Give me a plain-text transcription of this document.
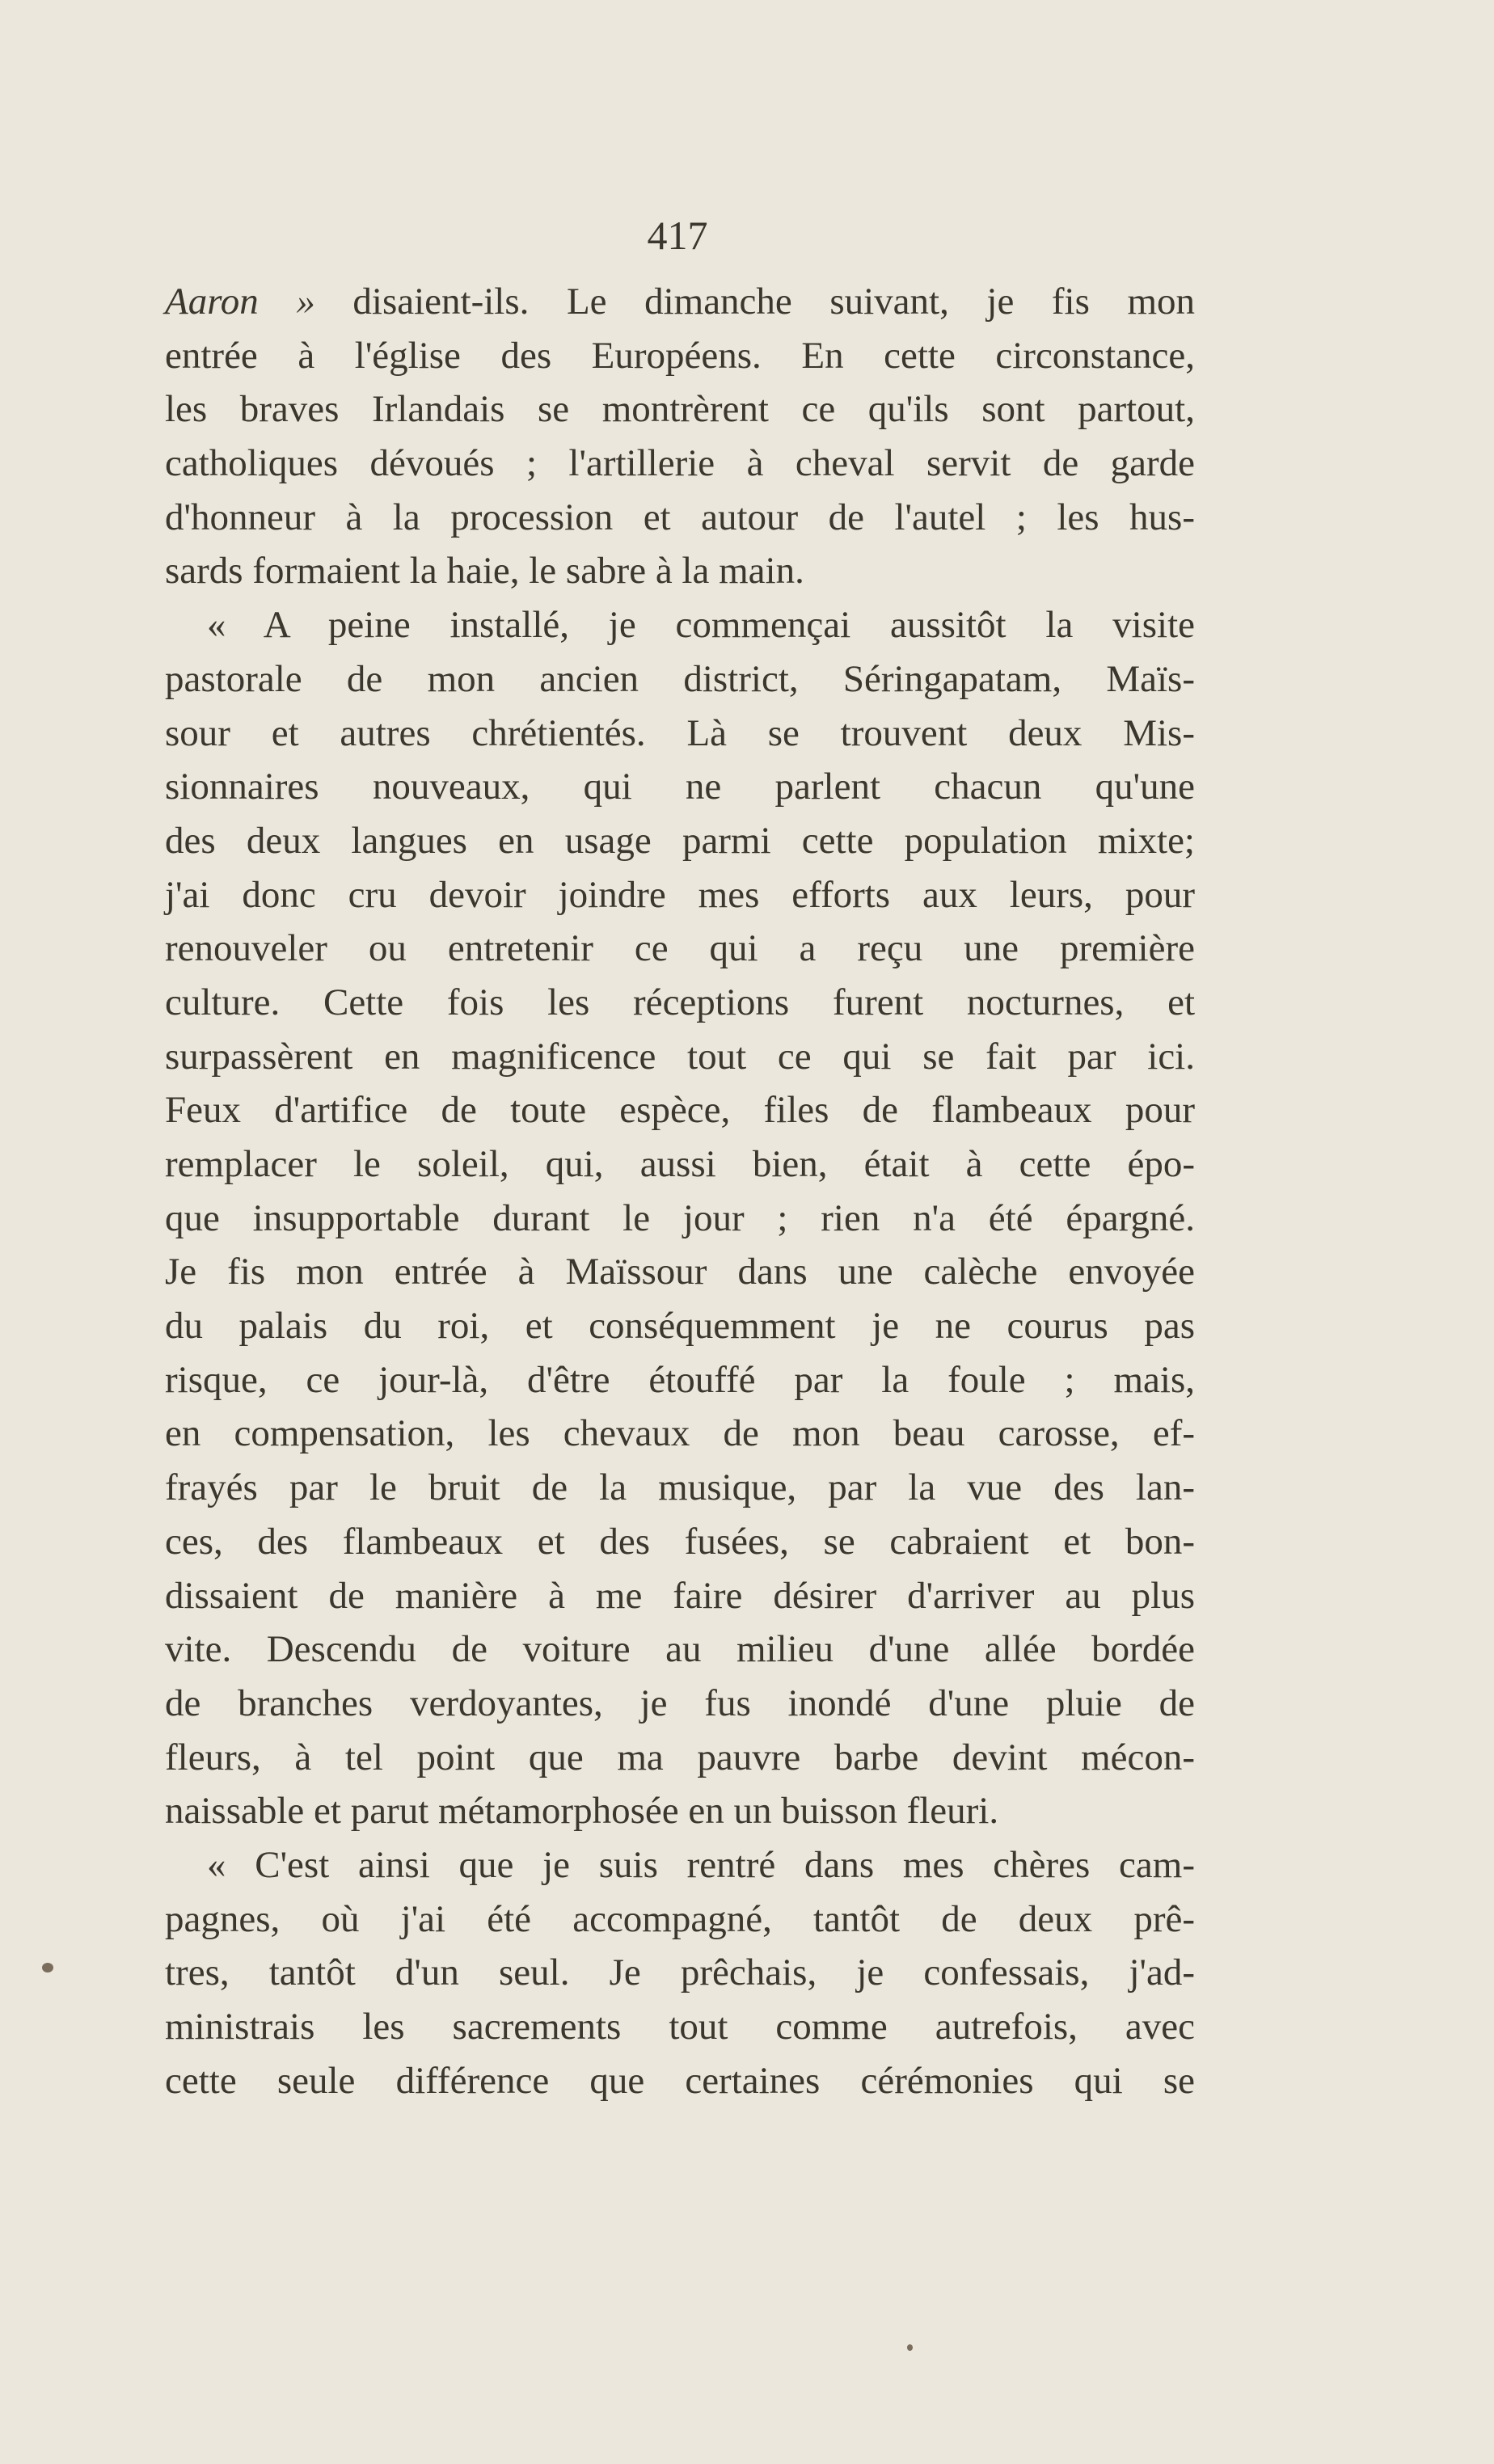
417
Aaron » disaient-ils. Le dimanche suivant, je fis mon
entrée à l'église des Européens. En cette circonstance,
les braves Irlandais se montrèrent ce qu'ils sont partout,
catholiques dévoués ; l'artillerie à cheval servit de garde
d'honneur à la procession et autour de l'autel ; les hus-
sards formaient la haie, le sabre à la main.
« A peine installé, je commençai aussitôt la visite
pastorale de mon ancien district, Séringapatam, Maïs-
sour et autres chrétientés. Là se trouvent deux Mis-
sionnaires nouveaux, qui ne parlent chacun qu'une
des deux langues en usage parmi cette population mixte;
j'ai donc cru devoir joindre mes efforts aux leurs, pour
renouveler ou entretenir ce qui a reçu une première
culture. Cette fois les réceptions furent nocturnes, et
surpassèrent en magnificence tout ce qui se fait par ici.
Feux d'artifice de toute espèce, files de flambeaux pour
remplacer le soleil, qui, aussi bien, était à cette épo-
que insupportable durant le jour ; rien n'a été épargné.
Je fis mon entrée à Maïssour dans une calèche envoyée
du palais du roi, et conséquemment je ne courus pas
risque, ce jour-là, d'être étouffé par la foule ; mais,
en compensation, les chevaux de mon beau carosse, ef-
frayés par le bruit de la musique, par la vue des lan-
ces, des flambeaux et des fusées, se cabraient et bon-
dissaient de manière à me faire désirer d'arriver au plus
vite. Descendu de voiture au milieu d'une allée bordée
de branches verdoyantes, je fus inondé d'une pluie de
fleurs, à tel point que ma pauvre barbe devint mécon-
naissable et parut métamorphosée en un buisson fleuri.
« C'est ainsi que je suis rentré dans mes chères cam-
pagnes, où j'ai été accompagné, tantôt de deux prê-
tres, tantôt d'un seul. Je prêchais, je confessais, j'ad-
ministrais les sacrements tout comme autrefois, avec
cette seule différence que certaines cérémonies qui se
